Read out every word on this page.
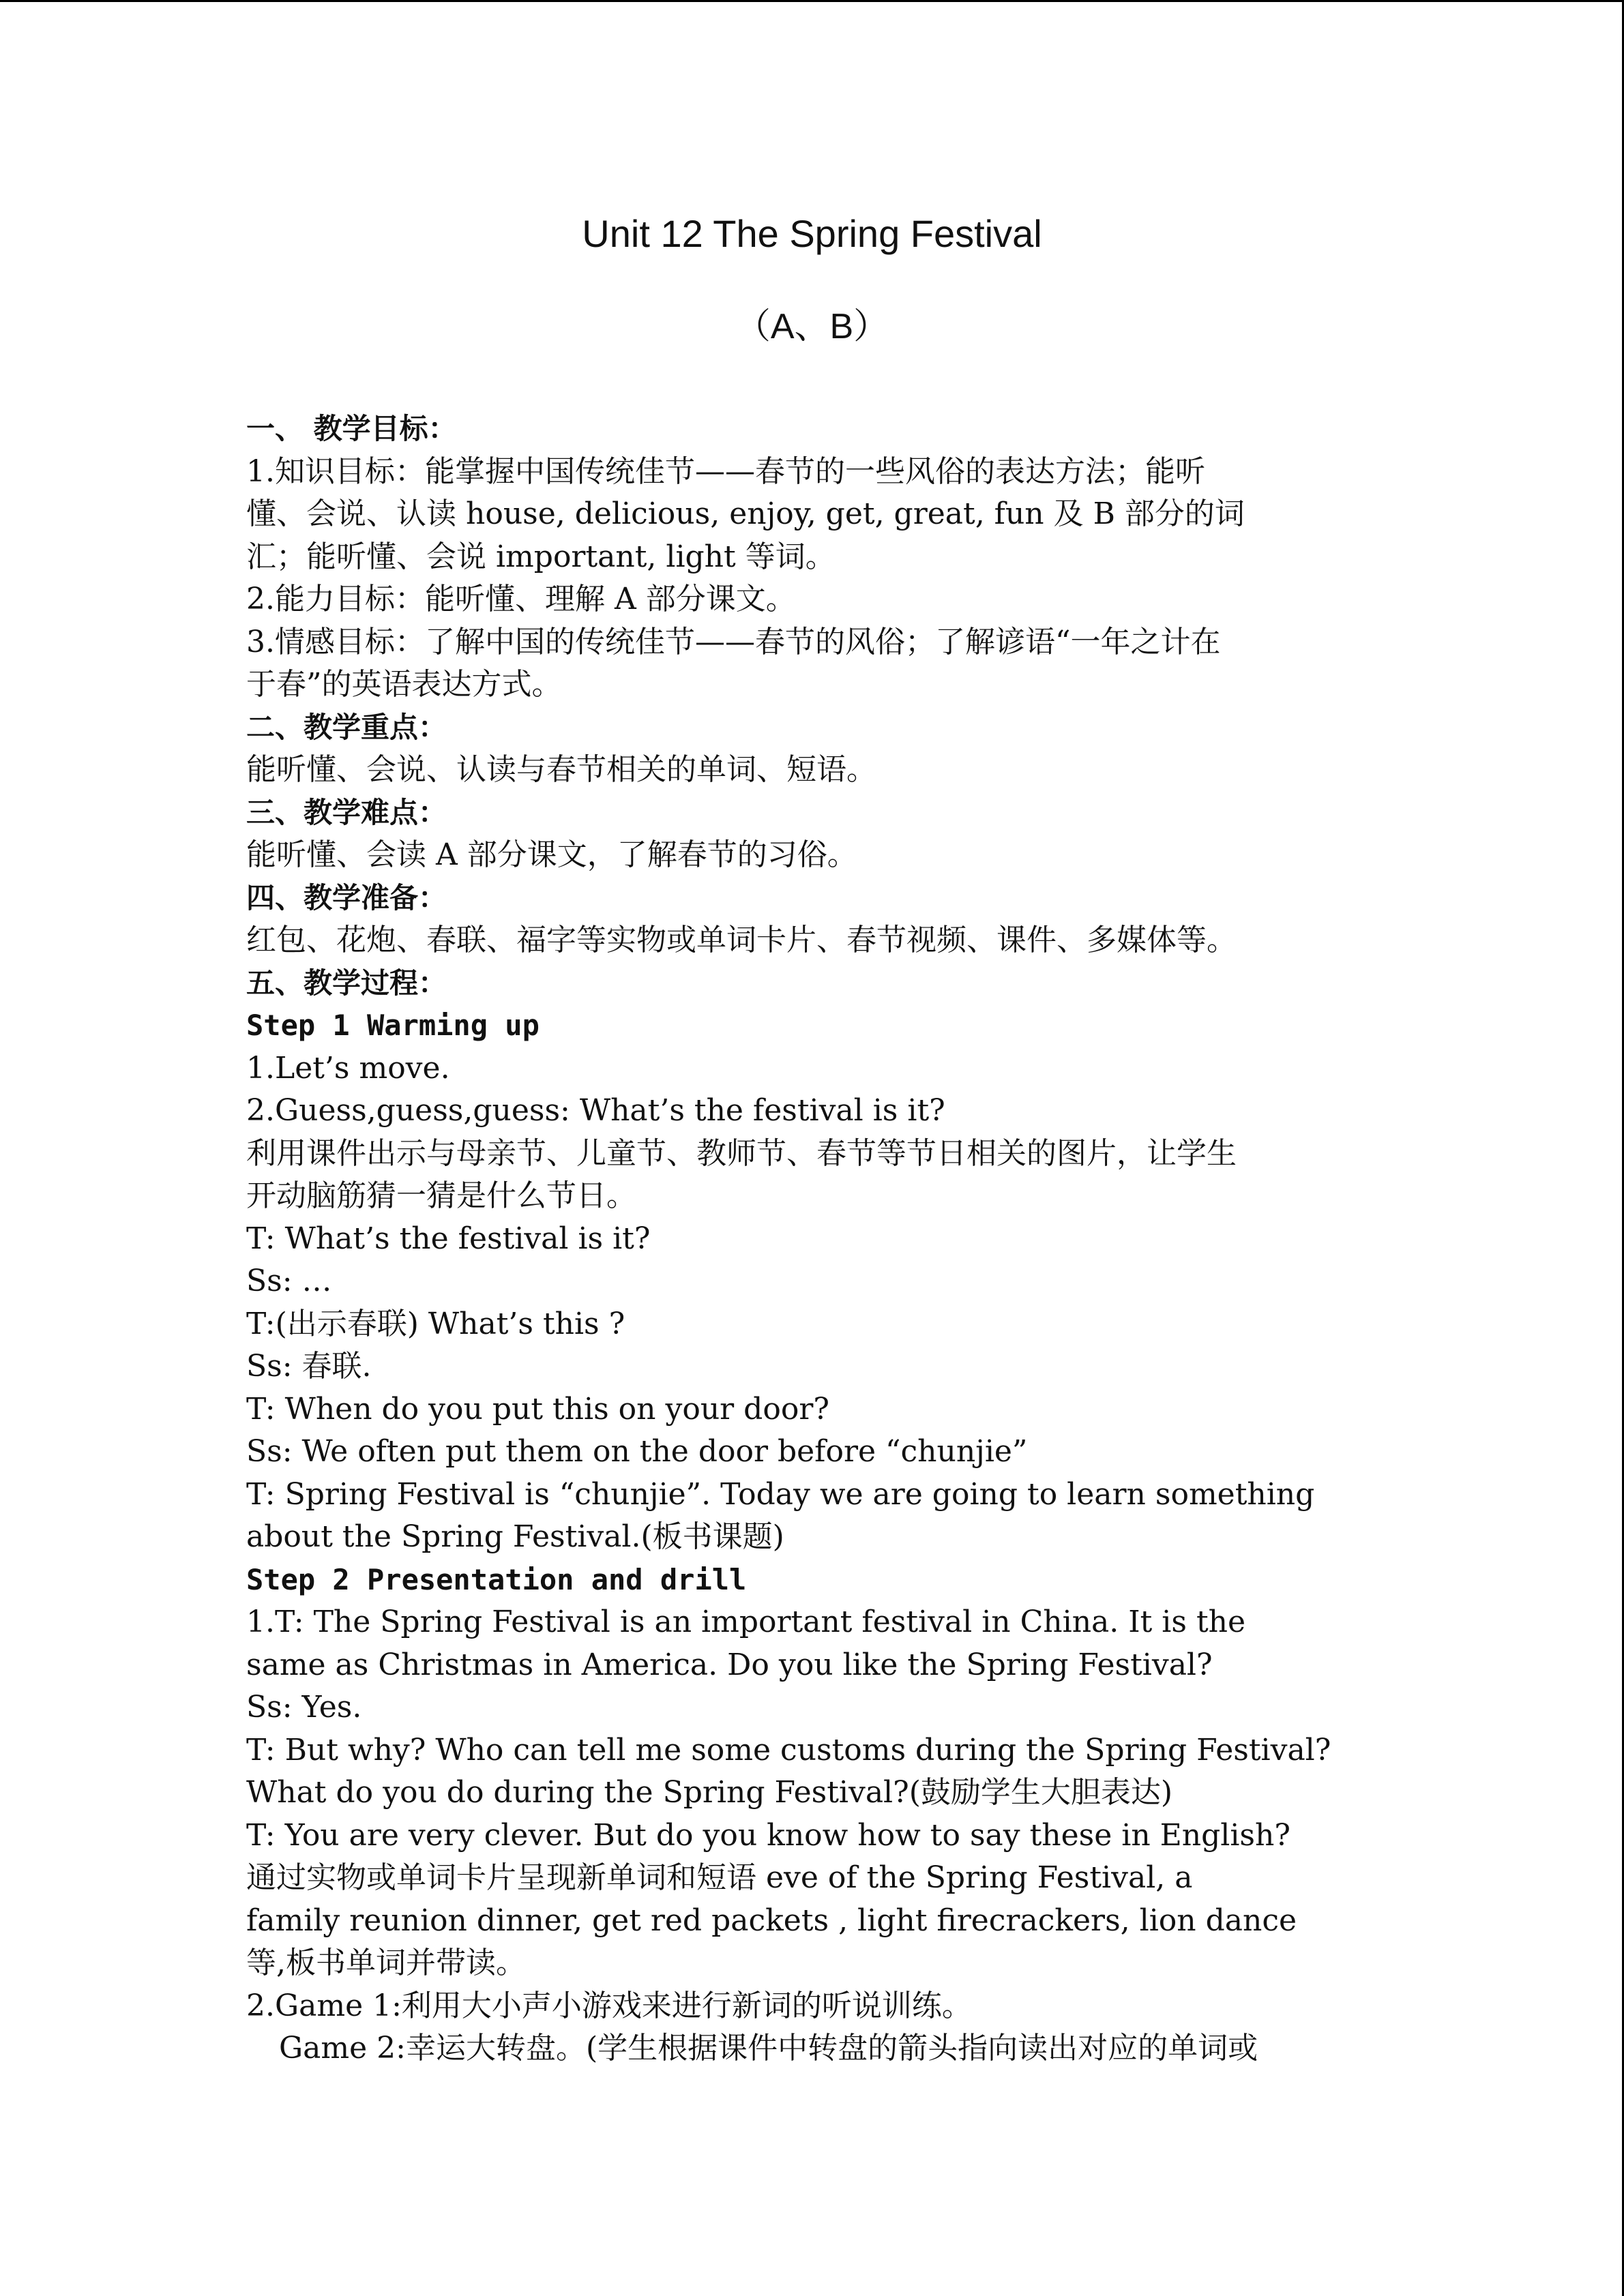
Unit 12 The Spring Festival
（A、B）
一、 教学目标：
1.知识目标：能掌握中国传统佳节——春节的一些风俗的表达方法；能听
懂、会说、认读 house, delicious, enjoy, get, great, fun 及 B 部分的词
汇；能听懂、会说 important, light 等词。
2.能力目标：能听懂、理解 A 部分课文。
3.情感目标：了解中国的传统佳节——春节的风俗；了解谚语“一年之计在
于春”的英语表达方式。
二、教学重点：
能听懂、会说、认读与春节相关的单词、短语。
三、教学难点：
能听懂、会读 A 部分课文，了解春节的习俗。
四、教学准备：
红包、花炮、春联、福字等实物或单词卡片、春节视频、课件、多媒体等。
五、教学过程：
Step 1 Warming up
1.Let’s move.
2.Guess,guess,guess: What’s the festival is it?
利用课件出示与母亲节、儿童节、教师节、春节等节日相关的图片，让学生
开动脑筋猜一猜是什么节日。
T: What’s the festival is it?
Ss: …
T:(出示春联) What’s this ?
Ss: 春联.
T: When do you put this on your door?
Ss: We often put them on the door before “chunjie”
T: Spring Festival is “chunjie”. Today we are going to learn something
about the Spring Festival.(板书课题)
Step 2 Presentation and drill
1.T: The Spring Festival is an important festival in China. It is the
same as Christmas in America. Do you like the Spring Festival?
Ss: Yes.
T: But why? Who can tell me some customs during the Spring Festival?
What do you do during the Spring Festival?(鼓励学生大胆表达)
T: You are very clever. But do you know how to say these in English?
通过实物或单词卡片呈现新单词和短语 eve of the Spring Festival, a
family reunion dinner, get red packets , light firecrackers, lion dance
等,板书单词并带读。
2.Game 1:利用大小声小游戏来进行新词的听说训练。
Game 2:幸运大转盘。(学生根据课件中转盘的箭头指向读出对应的单词或
